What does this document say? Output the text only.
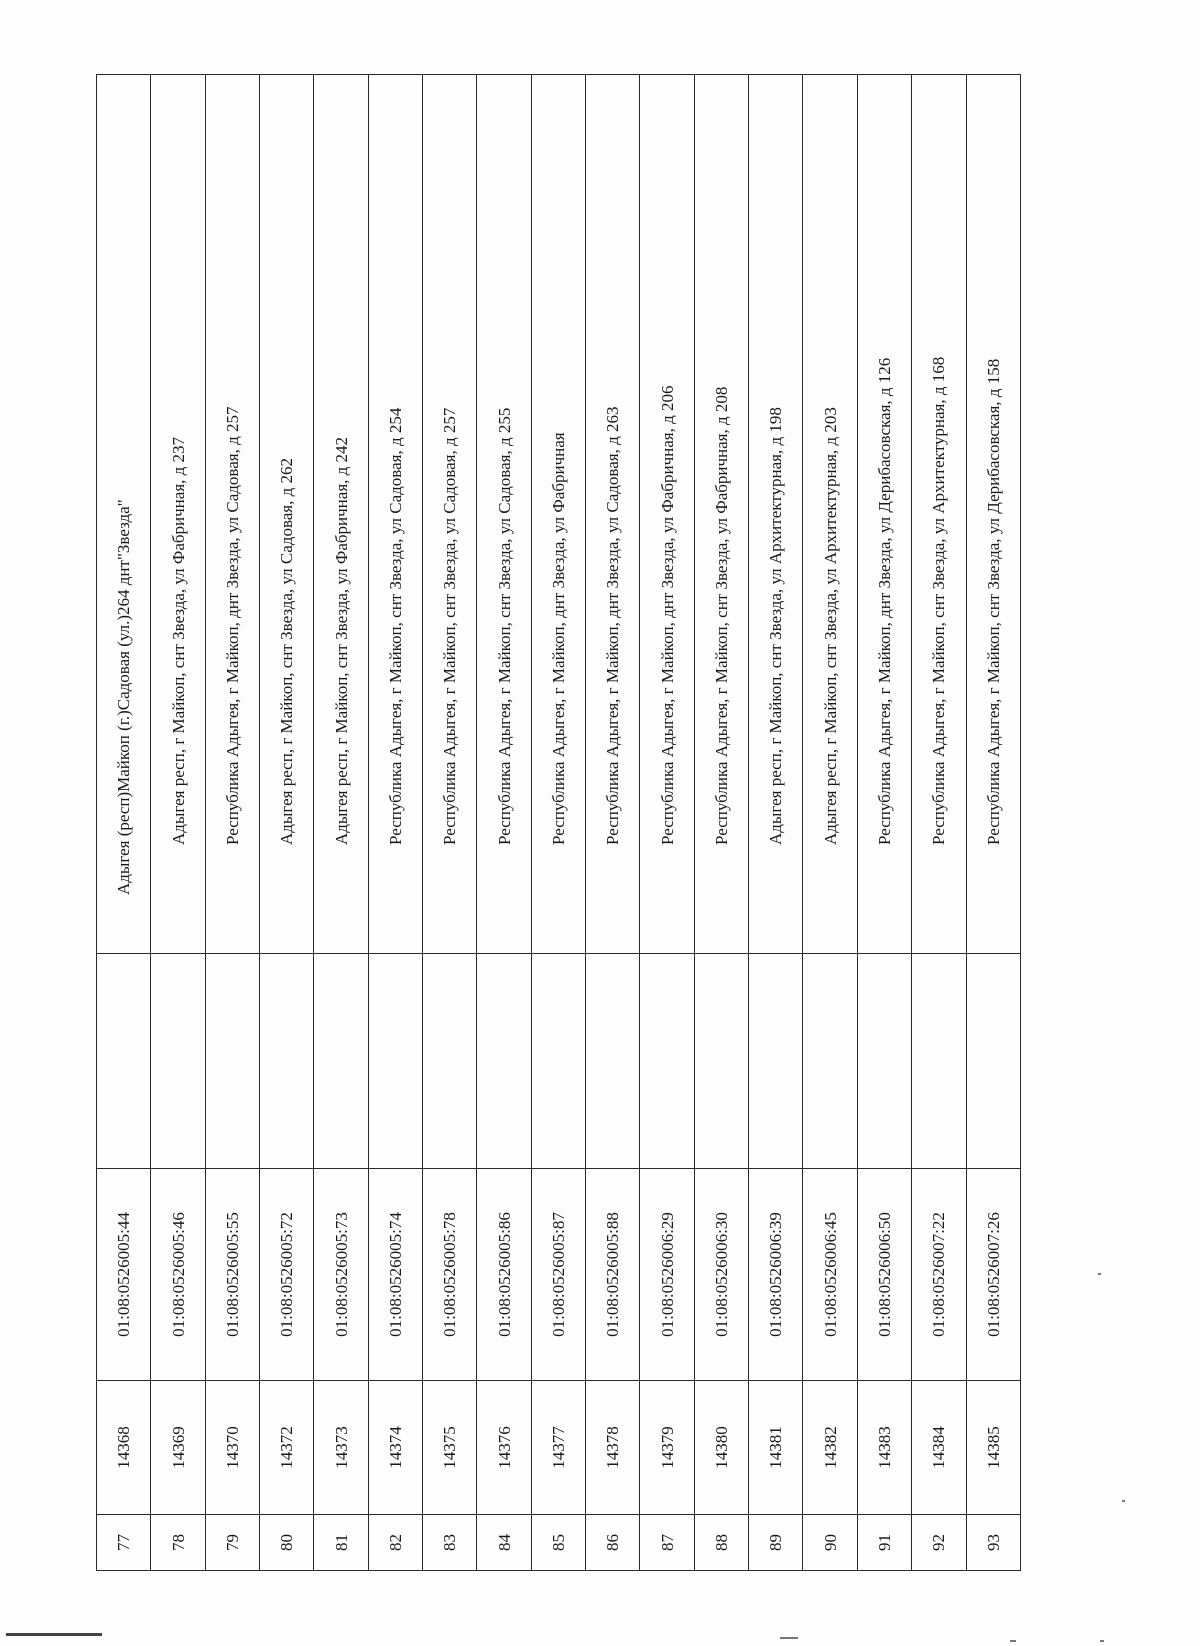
77	14368	01:08:0526005:44		Адыгея (респ)Майкоп (г.)Садовая (ул.)264 днт"Звезда"
78	14369	01:08:0526005:46		Адыгея респ, г Майкоп, снт Звезда, ул Фабричная, д 237
79	14370	01:08:0526005:55		Республика Адыгея, г Майкоп, днт Звезда, ул Садовая, д 257
80	14372	01:08:0526005:72		Адыгея респ, г Майкоп, снт Звезда, ул Садовая, д 262
81	14373	01:08:0526005:73		Адыгея респ, г Майкоп, снт Звезда, ул Фабричная, д 242
82	14374	01:08:0526005:74		Республика Адыгея, г Майкоп, снт Звезда, ул Садовая, д 254
83	14375	01:08:0526005:78		Республика Адыгея, г Майкоп, снт Звезда, ул Садовая, д 257
84	14376	01:08:0526005:86		Республика Адыгея, г Майкоп, снт Звезда, ул Садовая, д 255
85	14377	01:08:0526005:87		Республика Адыгея, г Майкоп, днт Звезда, ул Фабричная
86	14378	01:08:0526005:88		Республика Адыгея, г Майкоп, днт Звезда, ул Садовая, д 263
87	14379	01:08:0526006:29		Республика Адыгея, г Майкоп, днт Звезда, ул Фабричная, д 206
88	14380	01:08:0526006:30		Республика Адыгея, г Майкоп, снт Звезда, ул Фабричная, д 208
89	14381	01:08:0526006:39		Адыгея респ, г Майкоп, снт Звезда, ул Архитектурная, д 198
90	14382	01:08:0526006:45		Адыгея респ, г Майкоп, снт Звезда, ул Архитектурная, д 203
91	14383	01:08:0526006:50		Республика Адыгея, г Майкоп, днт Звезда, ул Дерибасовская, д 126
92	14384	01:08:0526007:22		Республика Адыгея, г Майкоп, снт Звезда, ул Архитектурная, д 168
93	14385	01:08:0526007:26		Республика Адыгея, г Майкоп, снт Звезда, ул Дерибасовская, д 158
